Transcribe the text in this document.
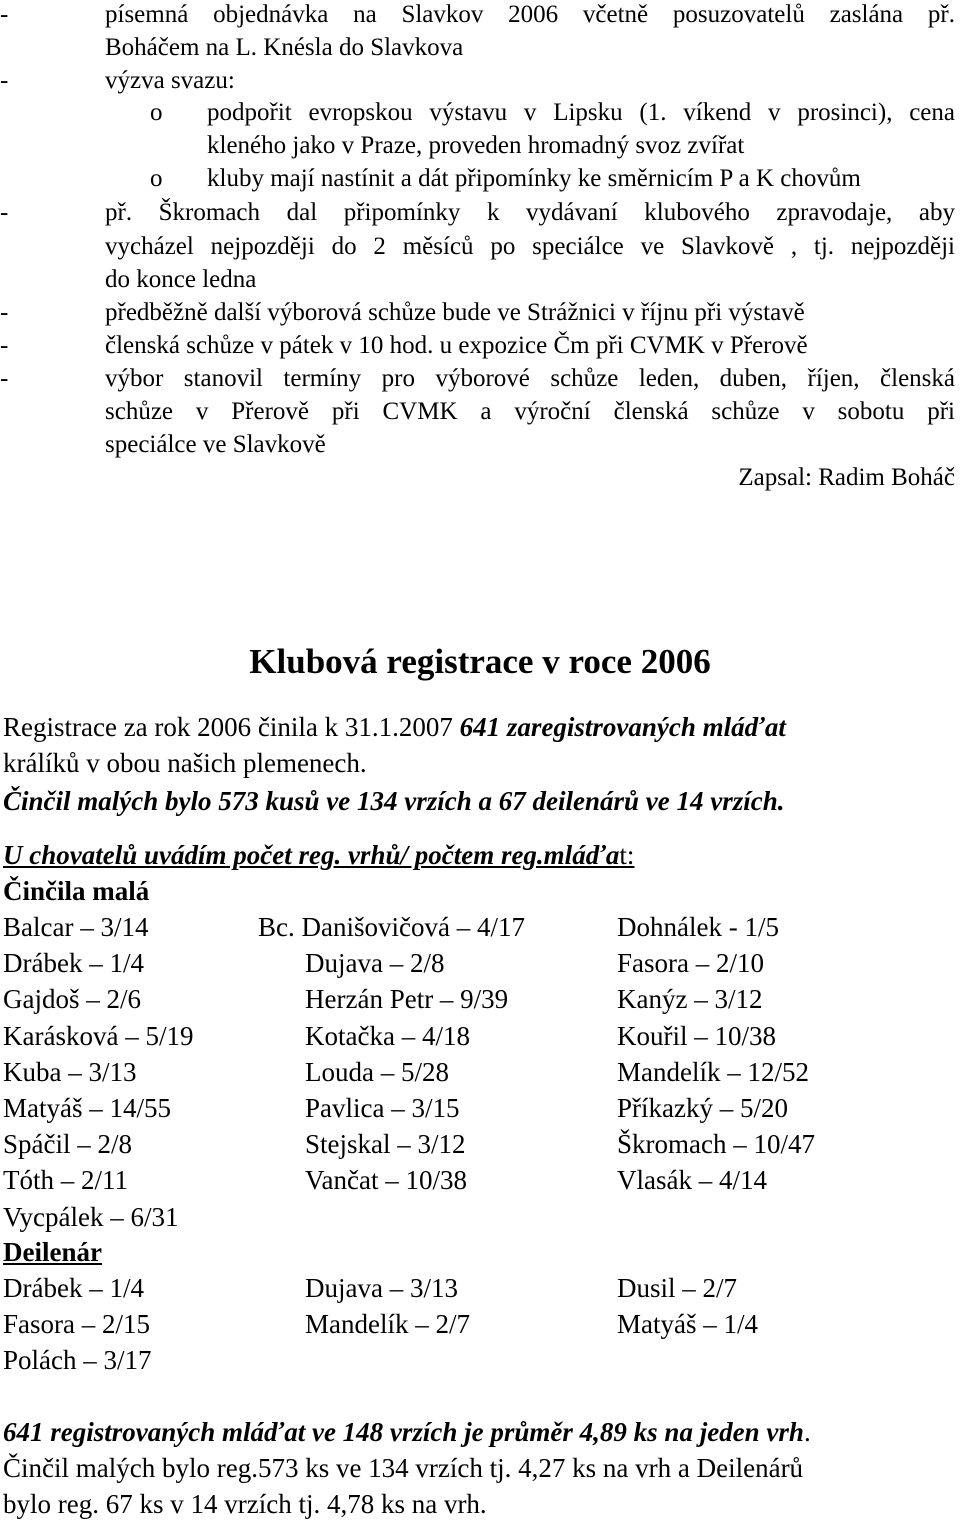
-	písemná objednávka na Slavkov 2006 včetně posuzovatelů zaslána př.
Boháčem na L. Knésla do Slavkova
-	výzva svazu:
o podpořit evropskou výstavu v Lipsku (1. víkend v prosinci), cena
kleného jako v Praze, proveden hromadný svoz zvířat
o kluby mají nastínit a dát připomínky ke směrnicím P a K chovům
-	př. Škromach dal připomínky k vydávaní klubového zpravodaje, aby
vycházel nejpozději do 2 měsíců po speciálce ve Slavkově , tj. nejpozději
do konce ledna
-	předběžně další výborová schůze bude ve Strážnici v říjnu při výstavě
-	členská schůze v pátek v 10 hod. u expozice Čm při CVMK v Přerově
-	výbor stanovil termíny pro výborové schůze leden, duben, říjen, členská
schůze v Přerově při CVMK a výroční členská schůze v sobotu při
speciálce ve Slavkově
Zapsal: Radim Boháč
Klubová registrace v roce 2006
Registrace za rok 2006 činila k 31.1.2007 641 zaregistrovaných mláďat
králíků v obou našich plemenech.
Činčil malých bylo 573 kusů ve 134 vrzích a 67 deilenárů ve 14 vrzích.
U chovatelů uvádím počet reg. vrhů/ počtem reg.mláďat:
Činčila malá
Balcar – 3/14	Bc. Danišovičová – 4/17	Dohnálek - 1/5
Drábek – 1/4	Dujava – 2/8	Fasora – 2/10
Gajdoš – 2/6	Herzán Petr – 9/39	Kanýz – 3/12
Karásková – 5/19	Kotačka – 4/18	Kouřil – 10/38
Kuba – 3/13	Louda – 5/28	Mandelík – 12/52
Matyáš – 14/55	Pavlica – 3/15	Příkazký – 5/20
Spáčil – 2/8	Stejskal – 3/12	Škromach – 10/47
Tóth – 2/11	Vančat – 10/38	Vlasák – 4/14
Vycpálek – 6/31
Deilenár
Drábek – 1/4	Dujava – 3/13	Dusil – 2/7
Fasora – 2/15	Mandelík – 2/7	Matyáš – 1/4
Polách – 3/17
641 registrovaných mláďat ve 148 vrzích je průměr 4,89 ks na jeden vrh.
Činčil malých bylo reg.573 ks ve 134 vrzích tj. 4,27 ks na vrh a Deilenárů
bylo reg. 67 ks v 14 vrzích tj. 4,78 ks na vrh.
